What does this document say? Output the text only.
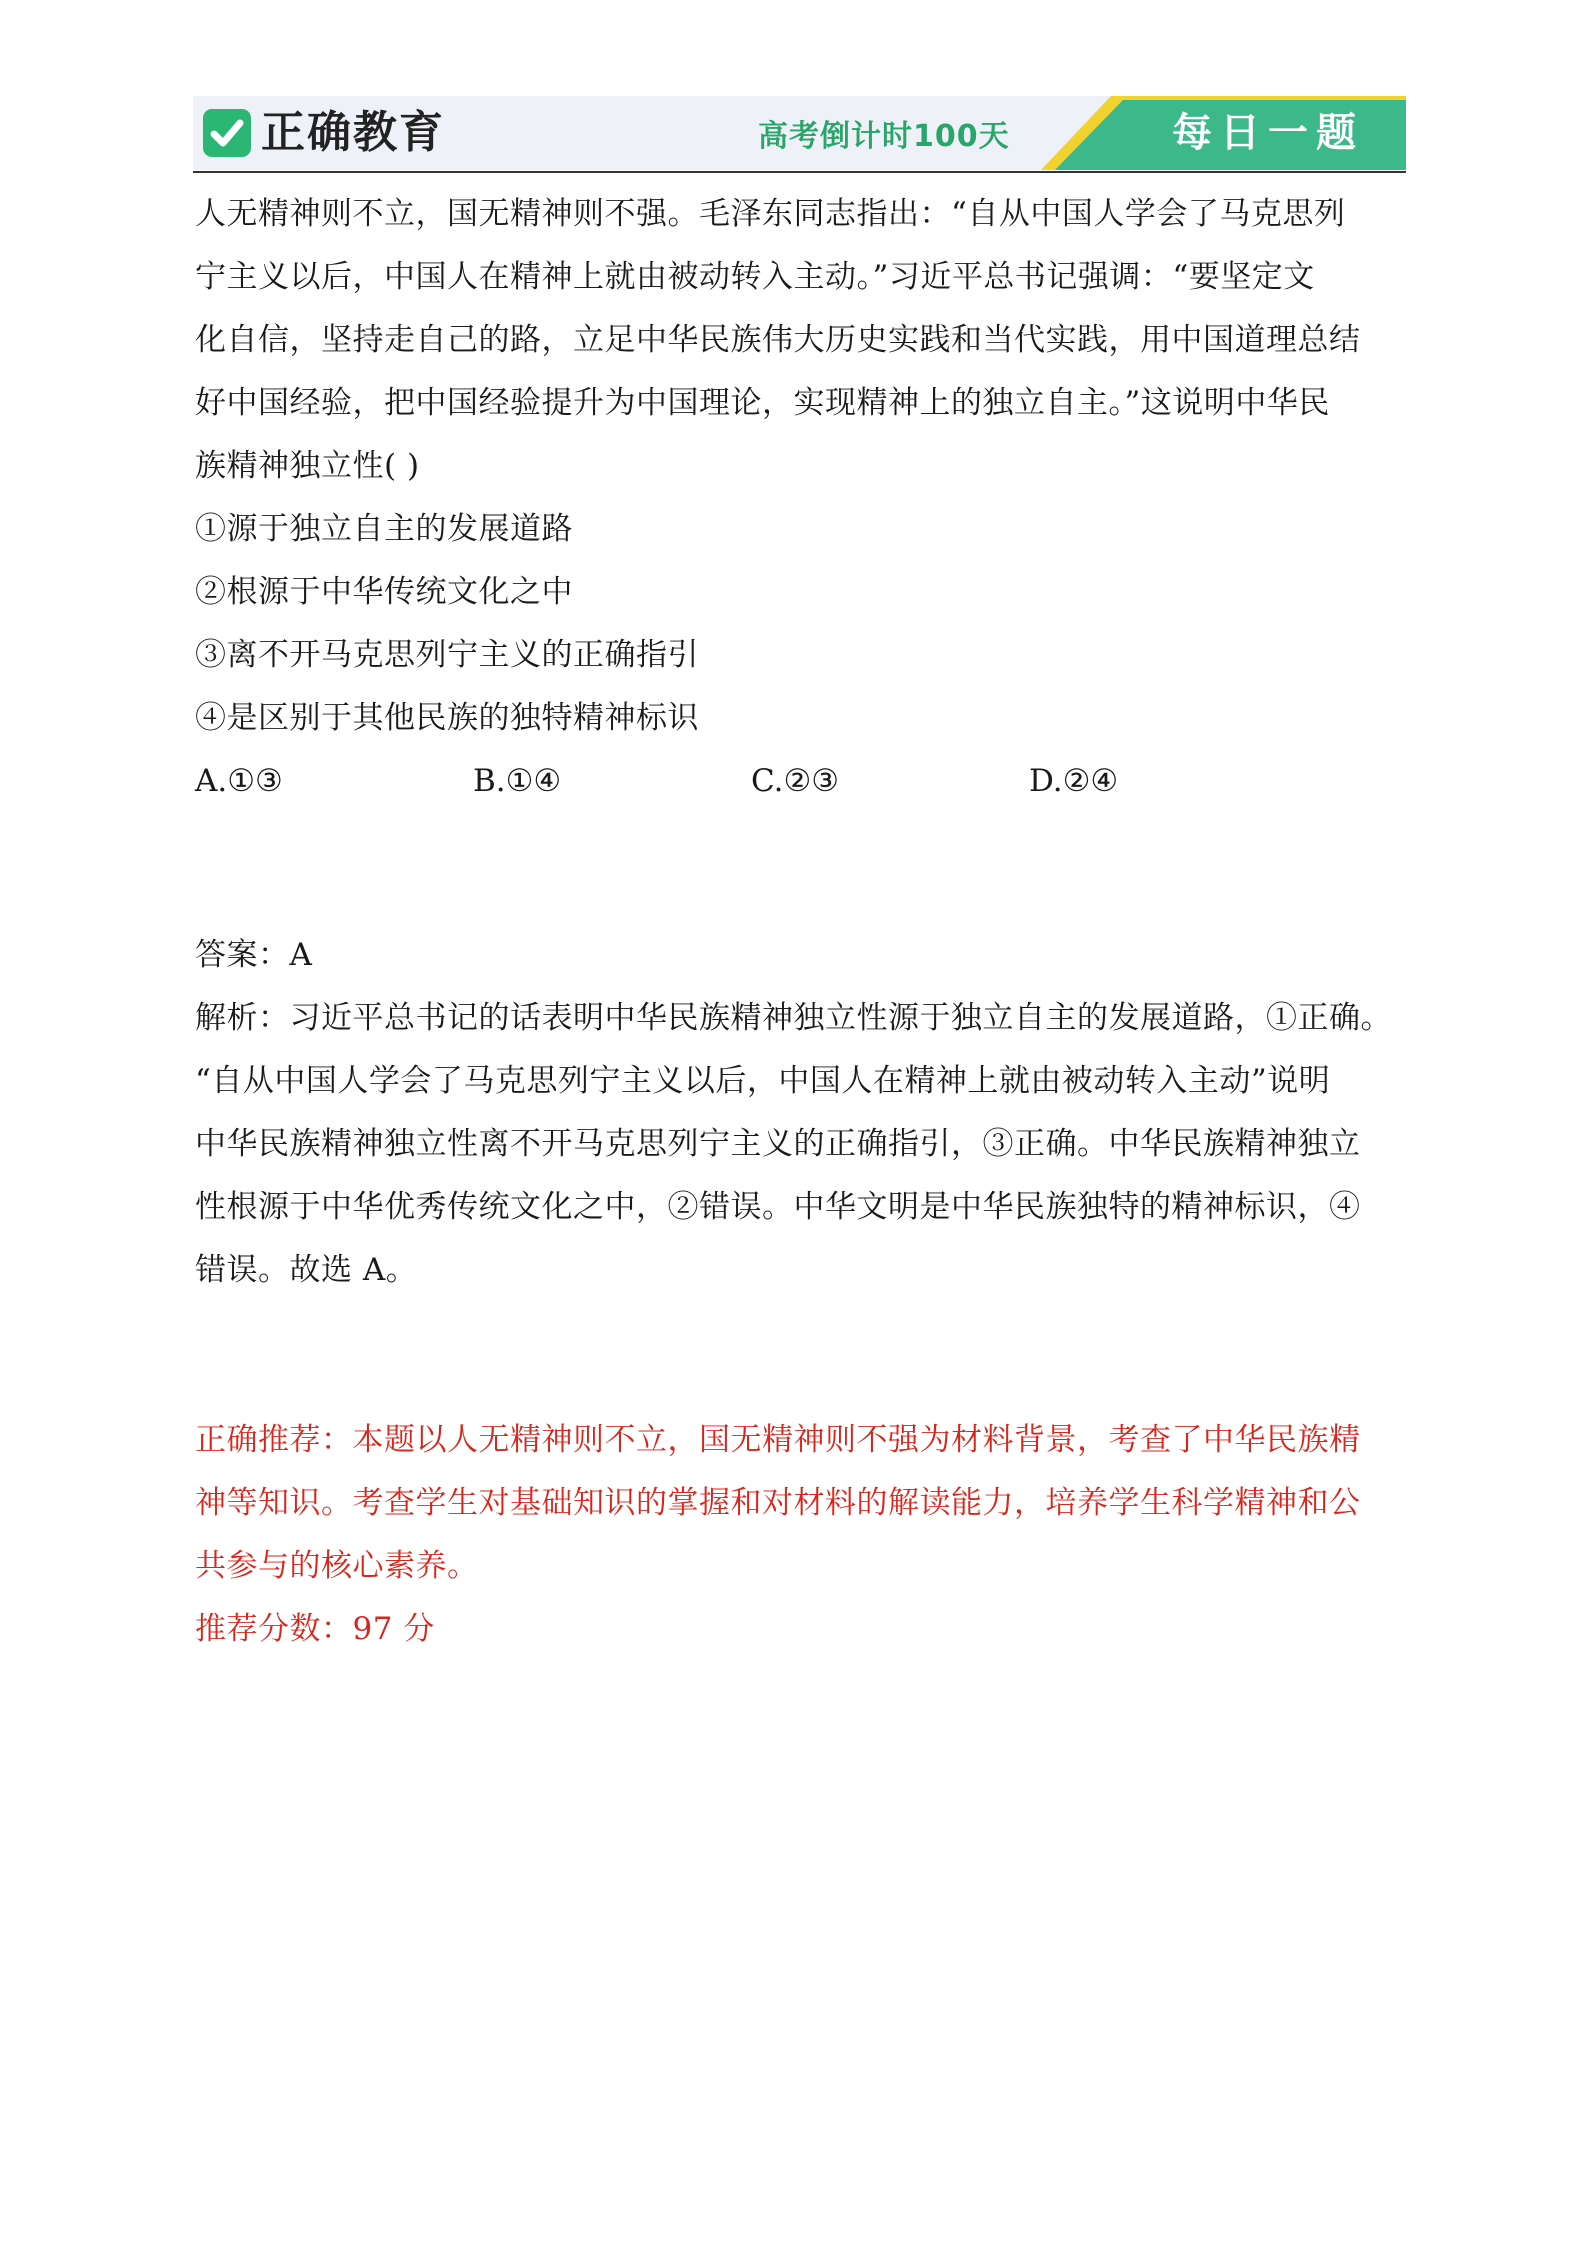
正确教育	高考倒计时100天	每日一题
人无精神则不立，国无精神则不强。毛泽东同志指出：“自从中国人学会了马克思列
宁主义以后，中国人在精神上就由被动转入主动。”习近平总书记强调：“要坚定文
化自信，坚持走自己的路，立足中华民族伟大历史实践和当代实践，用中国道理总结
好中国经验，把中国经验提升为中国理论，实现精神上的独立自主。”这说明中华民
族精神独立性( )
①源于独立自主的发展道路
②根源于中华传统文化之中
③离不开马克思列宁主义的正确指引
④是区别于其他民族的独特精神标识
A.①③	B.①④	C.②③	D.②④
答案：A
解析：习近平总书记的话表明中华民族精神独立性源于独立自主的发展道路，①正确。
“自从中国人学会了马克思列宁主义以后，中国人在精神上就由被动转入主动”说明
中华民族精神独立性离不开马克思列宁主义的正确指引，③正确。中华民族精神独立
性根源于中华优秀传统文化之中，②错误。中华文明是中华民族独特的精神标识，④
错误。故选 A。
正确推荐：本题以人无精神则不立，国无精神则不强为材料背景，考查了中华民族精
神等知识。考查学生对基础知识的掌握和对材料的解读能力，培养学生科学精神和公
共参与的核心素养。
推荐分数：97 分
